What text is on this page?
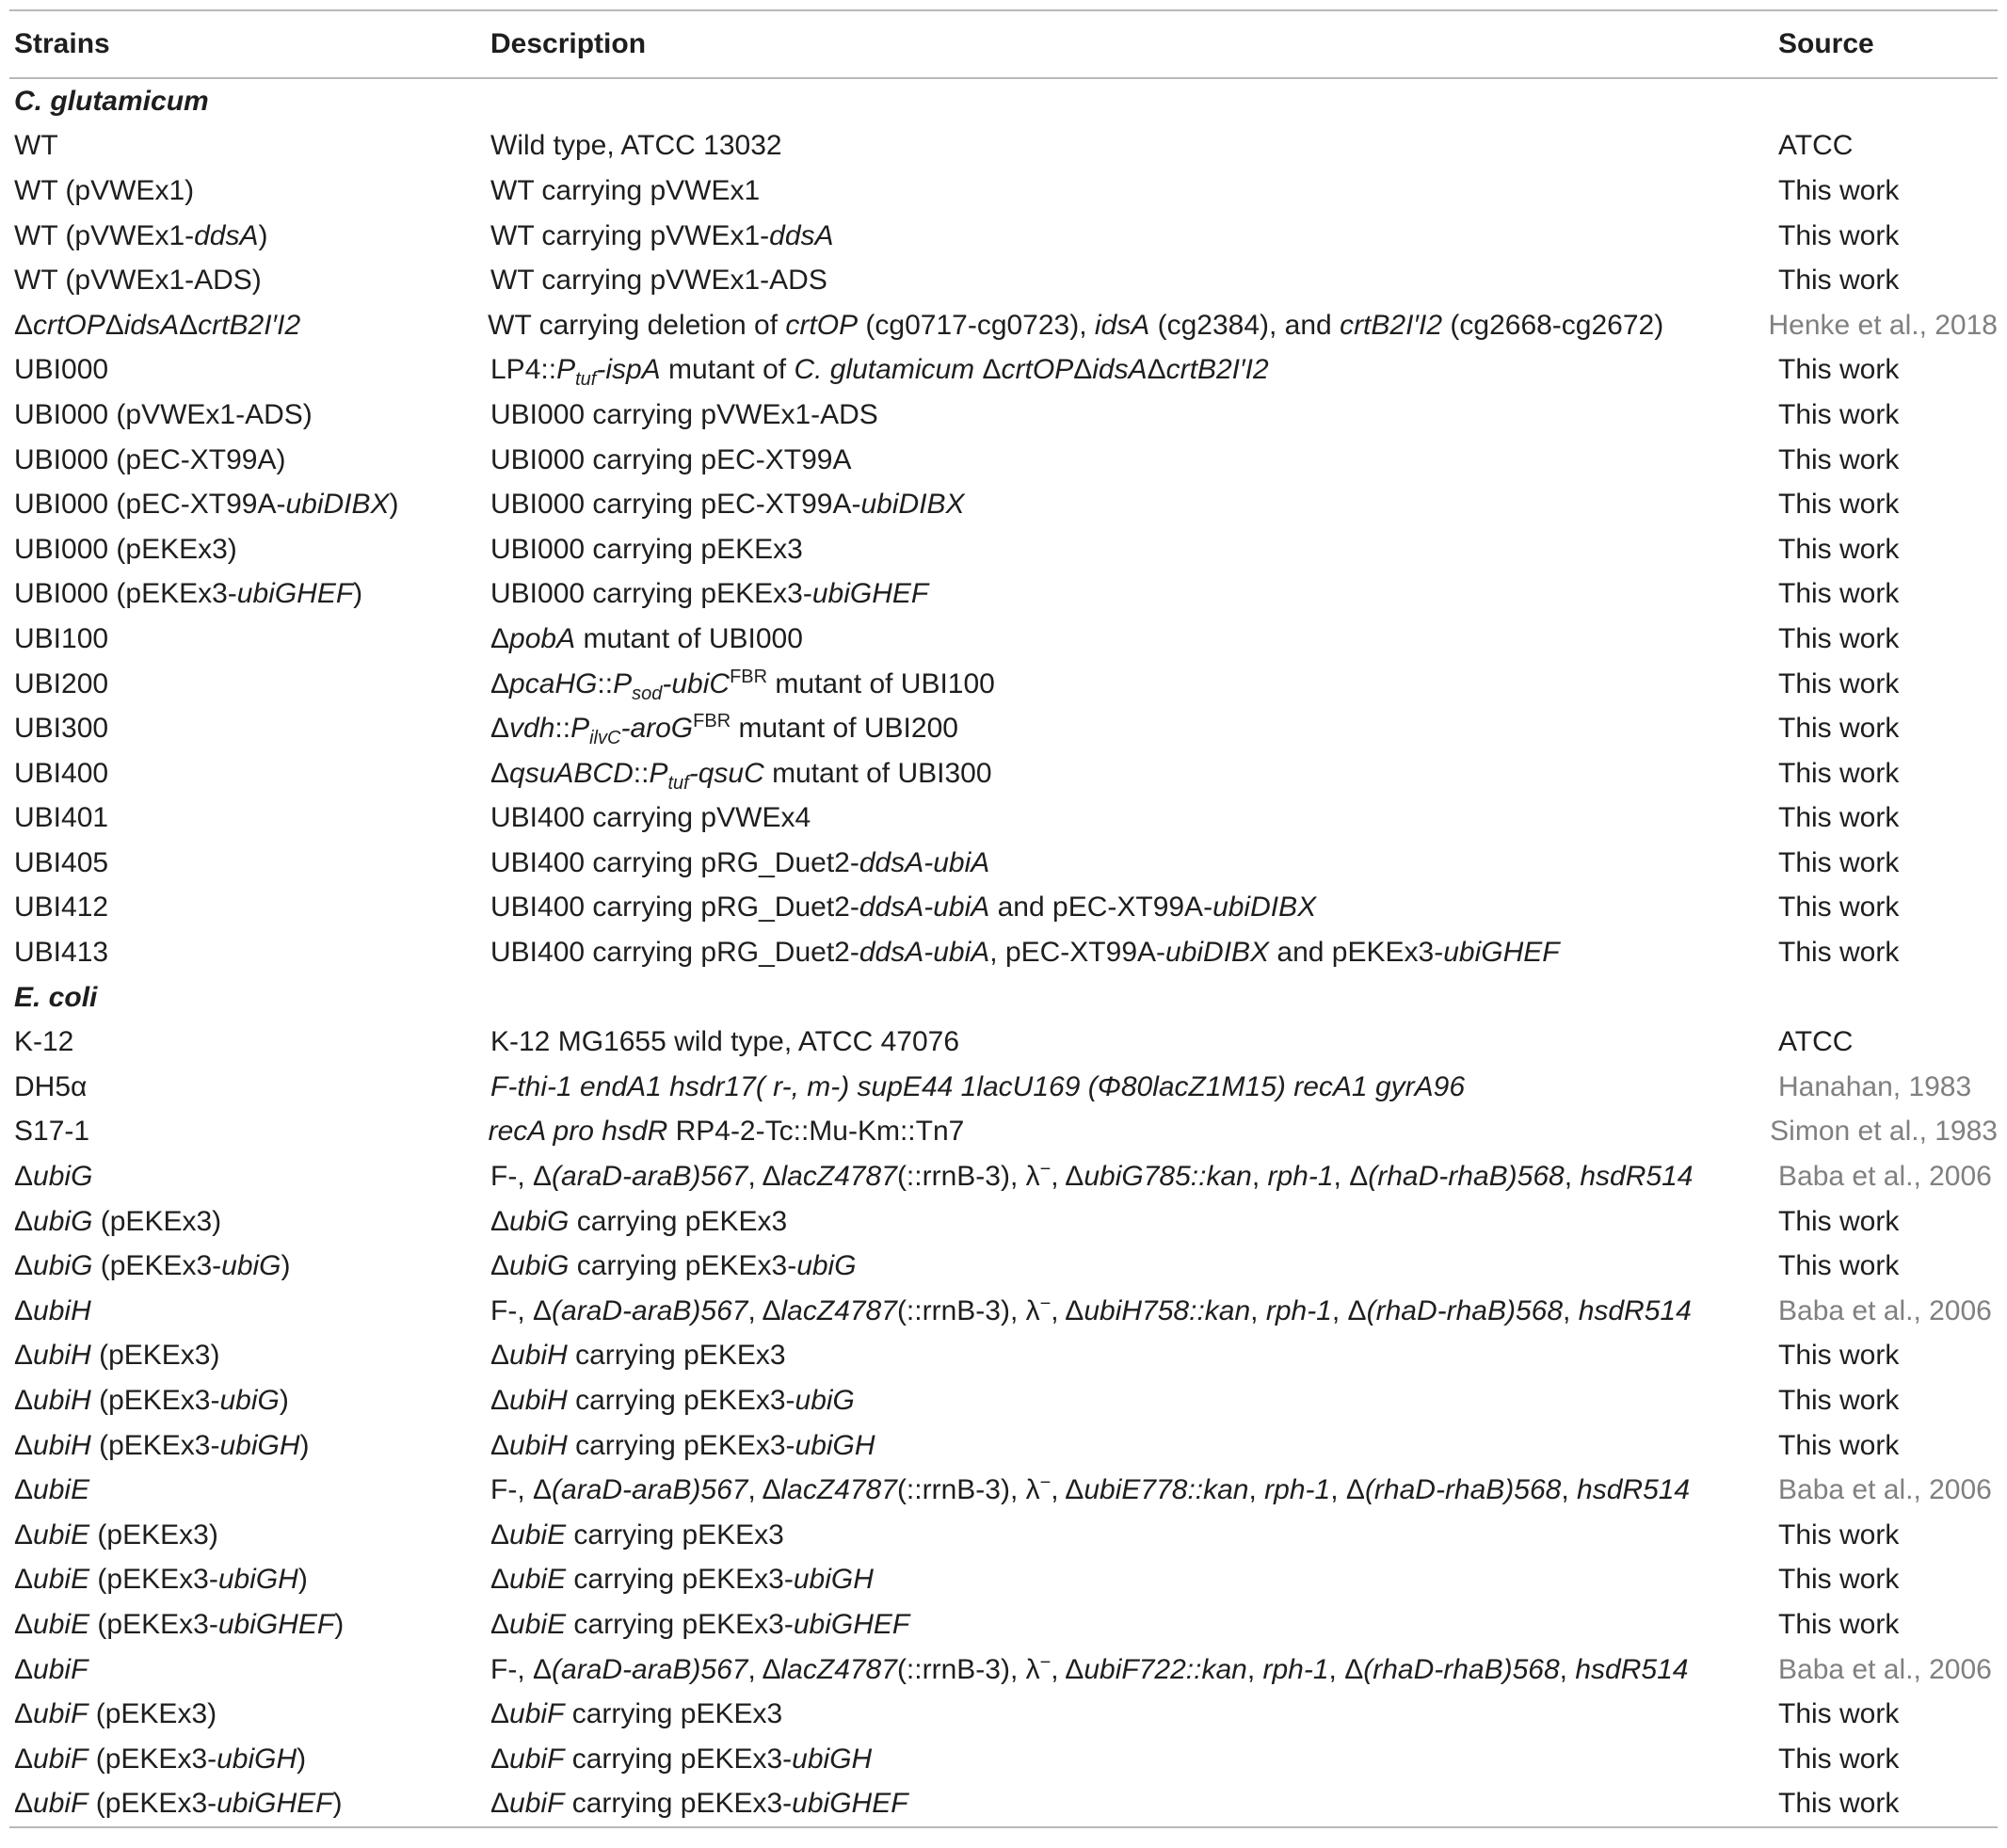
Strains	Description	Source
C. glutamicum
WT	Wild type, ATCC 13032	ATCC
WT (pVWEx1)	WT carrying pVWEx1	This work
WT (pVWEx1-ddsA)	WT carrying pVWEx1-ddsA	This work
WT (pVWEx1-ADS)	WT carrying pVWEx1-ADS	This work
ΔcrtOPΔidsAΔcrtB2I′I2	WT carrying deletion of crtOP (cg0717-cg0723), idsA (cg2384), and crtB2I′I2 (cg2668-cg2672)	Henke et al., 2018
UBI000	$LP4::P_{tuf}$-ispA mutant of C. glutamicum ΔcrtOPΔidsAΔcrtB2I′I2	This work
UBI000 (pVWEx1-ADS)	UBI000 carrying pVWEx1-ADS	This work
UBI000 (pEC-XT99A)	UBI000 carrying pEC-XT99A	This work
UBI000 (pEC-XT99A-ubiDIBX)	UBI000 carrying pEC-XT99A-ubiDIBX	This work
UBI000 (pEKEx3)	UBI000 carrying pEKEx3	This work
UBI000 (pEKEx3-ubiGHEF)	UBI000 carrying pEKEx3-ubiGHEF	This work
UBI100	ΔpobA mutant of UBI000	This work
UBI200	$\Delta pcaHG::P_{sod}-ubiC^{FBR}$ mutant of UBI100	This work
UBI300	$\Delta vdh::P_{ilvC}-aroG^{FBR}$ mutant of UBI200	This work
UBI400	$\Delta qsuABCD::P_{tuf}$-qsuC mutant of UBI300	This work
UBI401	UBI400 carrying pVWEx4	This work
UBI405	UBI400 carrying pRG_Duet2-ddsA-ubiA	This work
UBI412	UBI400 carrying pRG_Duet2-ddsA-ubiA and pEC-XT99A-ubiDIBX	This work
UBI413	UBI400 carrying pRG_Duet2-ddsA-ubiA, pEC-XT99A-ubiDIBX and pEKEx3-ubiGHEF	This work
E. coli
K-12	K-12 MG1655 wild type, ATCC 47076	ATCC
DH5α	F-thi-1 endA1 hsdr17( r-, m-) supE44 1lacU169 (Φ80lacZ1M15) recA1 gyrA96	Hanahan, 1983
S17-1	recA pro hsdR RP4-2-Tc::Mu-Km::Tn7	Simon et al., 1983
ΔubiG	F-, Δ(araD-araB)567, ΔlacZ4787(::rrnB-3), λ−, ΔubiG785::kan, rph-1, Δ(rhaD-rhaB)568, hsdR514	Baba et al., 2006
ΔubiG (pEKEx3)	ΔubiG carrying pEKEx3	This work
ΔubiG (pEKEx3-ubiG)	ΔubiG carrying pEKEx3-ubiG	This work
ΔubiH	F-, Δ(araD-araB)567, ΔlacZ4787(::rrnB-3), λ−, ΔubiH758::kan, rph-1, Δ(rhaD-rhaB)568, hsdR514	Baba et al., 2006
ΔubiH (pEKEx3)	ΔubiH carrying pEKEx3	This work
ΔubiH (pEKEx3-ubiG)	ΔubiH carrying pEKEx3-ubiG	This work
ΔubiH (pEKEx3-ubiGH)	ΔubiH carrying pEKEx3-ubiGH	This work
ΔubiE	F-, Δ(araD-araB)567, ΔlacZ4787(::rrnB-3), λ−, ΔubiE778::kan, rph-1, Δ(rhaD-rhaB)568, hsdR514	Baba et al., 2006
ΔubiE (pEKEx3)	ΔubiE carrying pEKEx3	This work
ΔubiE (pEKEx3-ubiGH)	ΔubiE carrying pEKEx3-ubiGH	This work
ΔubiE (pEKEx3-ubiGHEF)	ΔubiE carrying pEKEx3-ubiGHEF	This work
ΔubiF	F-, Δ(araD-araB)567, ΔlacZ4787(::rrnB-3), λ−, ΔubiF722::kan, rph-1, Δ(rhaD-rhaB)568, hsdR514	Baba et al., 2006
ΔubiF (pEKEx3)	ΔubiF carrying pEKEx3	This work
ΔubiF (pEKEx3-ubiGH)	ΔubiF carrying pEKEx3-ubiGH	This work
ΔubiF (pEKEx3-ubiGHEF)	ΔubiF carrying pEKEx3-ubiGHEF	This work
